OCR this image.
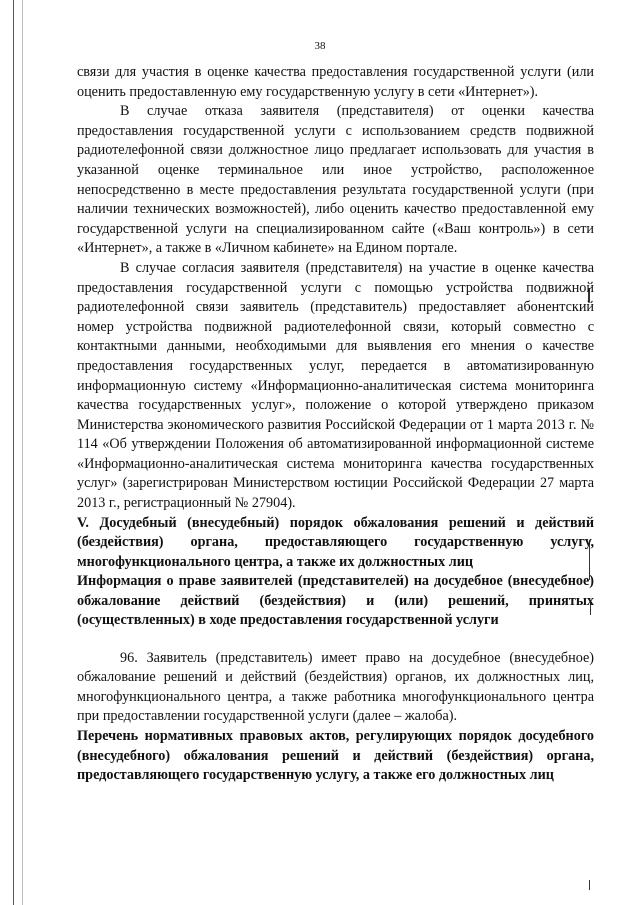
38

связи для участия в оценке качества предоставления государственной услуги (или оценить предоставленную ему государственную услугу в сети «Интернет»).

В случае отказа заявителя (представителя) от оценки качества предоставления государственной услуги с использованием средств подвижной радиотелефонной связи должностное лицо предлагает использовать для участия в указанной оценке терминальное или иное устройство, расположенное непосредственно в месте предоставления результата государственной услуги (при наличии технических возможностей), либо оценить качество предоставленной ему государственной услуги на специализированном сайте («Ваш контроль») в сети «Интернет», а также в «Личном кабинете» на Едином портале.

В случае согласия заявителя (представителя) на участие в оценке качества предоставления государственной услуги с помощью устройства подвижной радиотелефонной связи заявитель (представитель) предоставляет абонентский номер устройства подвижной радиотелефонной связи, который совместно с контактными данными, необходимыми для выявления его мнения о качестве предоставления государственных услуг, передается в автоматизированную информационную систему «Информационно-аналитическая система мониторинга качества государственных услуг», положение о которой утверждено приказом Министерства экономического развития Российской Федерации от 1 марта 2013 г. № 114 «Об утверждении Положения об автоматизированной информационной системе «Информационно-аналитическая система мониторинга качества государственных услуг» (зарегистрирован Министерством юстиции Российской Федерации 27 марта 2013 г., регистрационный № 27904).

V. Досудебный (внесудебный) порядок обжалования решений и действий (бездействия) органа, предоставляющего государственную услугу, многофункционального центра, а также их должностных лиц

Информация о праве заявителей (представителей) на досудебное (внесудебное) обжалование действий (бездействия) и (или) решений, принятых (осуществленных) в ходе предоставления государственной услуги

96. Заявитель (представитель) имеет право на досудебное (внесудебное) обжалование решений и действий (бездействия) органов, их должностных лиц, многофункционального центра, а также работника многофункционального центра при предоставлении государственной услуги (далее – жалоба).

Перечень нормативных правовых актов, регулирующих порядок досудебного (внесудебного) обжалования решений и действий (бездействия) органа, предоставляющего государственную услугу, а также его должностных лиц
